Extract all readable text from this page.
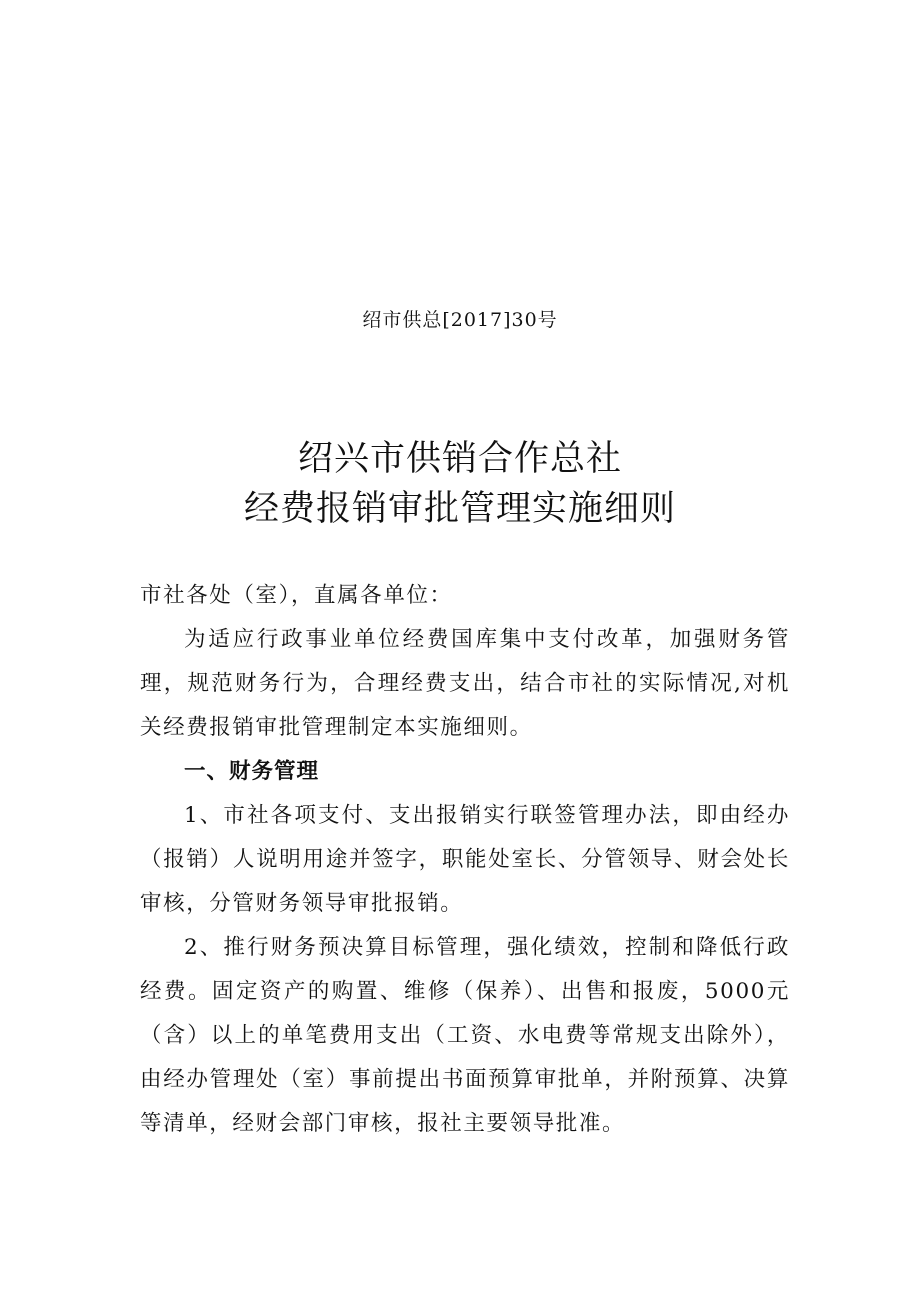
绍市供总[2017]30号
绍兴市供销合作总社
经费报销审批管理实施细则

市社各处（室），直属各单位：

为适应行政事业单位经费国库集中支付改革，加强财务管理，规范财务行为，合理经费支出，结合市社的实际情况,对机关经费报销审批管理制定本实施细则。

一、财务管理

1、市社各项支付、支出报销实行联签管理办法，即由经办（报销）人说明用途并签字，职能处室长、分管领导、财会处长审核，分管财务领导审批报销。

2、推行财务预决算目标管理，强化绩效，控制和降低行政经费。固定资产的购置、维修（保养）、出售和报废，5000元（含）以上的单笔费用支出（工资、水电费等常规支出除外），由经办管理处（室）事前提出书面预算审批单，并附预算、决算等清单，经财会部门审核，报社主要领导批准。
